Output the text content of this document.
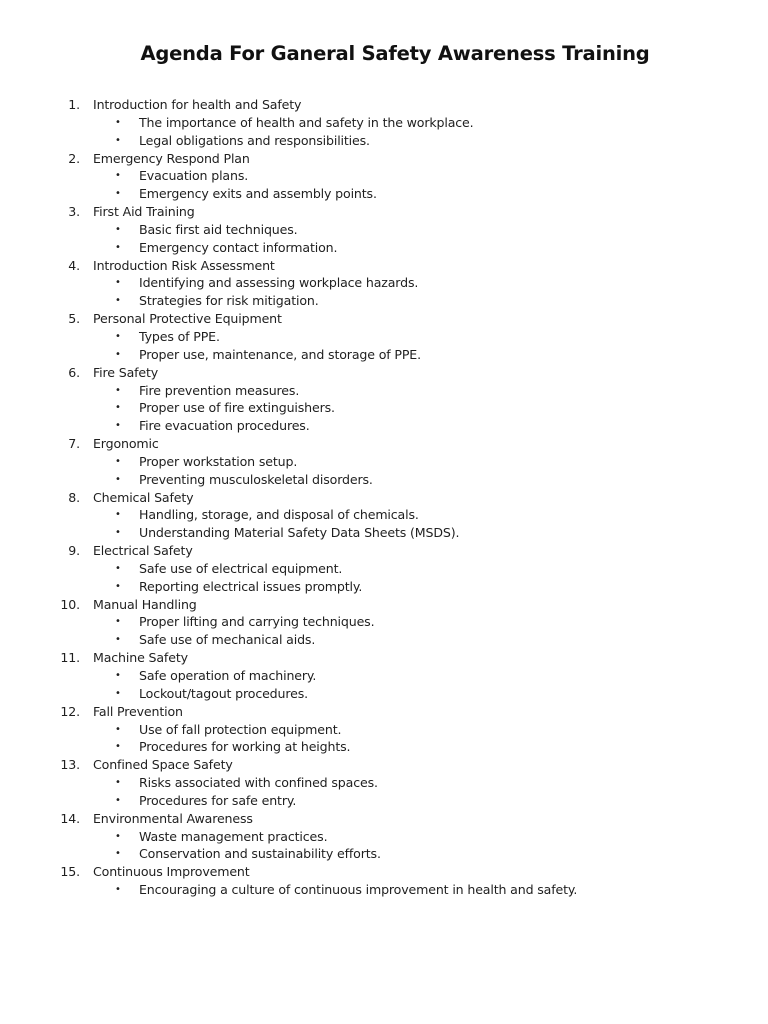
Agenda For Ganeral Safety Awareness Training
1. Introduction for health and Safety
• The importance of health and safety in the workplace.
• Legal obligations and responsibilities.
2. Emergency Respond Plan
• Evacuation plans.
• Emergency exits and assembly points.
3. First Aid Training
• Basic first aid techniques.
• Emergency contact information.
4. Introduction Risk Assessment
• Identifying and assessing workplace hazards.
• Strategies for risk mitigation.
5. Personal Protective Equipment
• Types of PPE.
• Proper use, maintenance, and storage of PPE.
6. Fire Safety
• Fire prevention measures.
• Proper use of fire extinguishers.
• Fire evacuation procedures.
7. Ergonomic
• Proper workstation setup.
• Preventing musculoskeletal disorders.
8. Chemical Safety
• Handling, storage, and disposal of chemicals.
• Understanding Material Safety Data Sheets (MSDS).
9. Electrical Safety
• Safe use of electrical equipment.
• Reporting electrical issues promptly.
10. Manual Handling
• Proper lifting and carrying techniques.
• Safe use of mechanical aids.
11. Machine Safety
• Safe operation of machinery.
• Lockout/tagout procedures.
12. Fall Prevention
• Use of fall protection equipment.
• Procedures for working at heights.
13. Confined Space Safety
• Risks associated with confined spaces.
• Procedures for safe entry.
14. Environmental Awareness
• Waste management practices.
• Conservation and sustainability efforts.
15. Continuous Improvement
• Encouraging a culture of continuous improvement in health and safety.
